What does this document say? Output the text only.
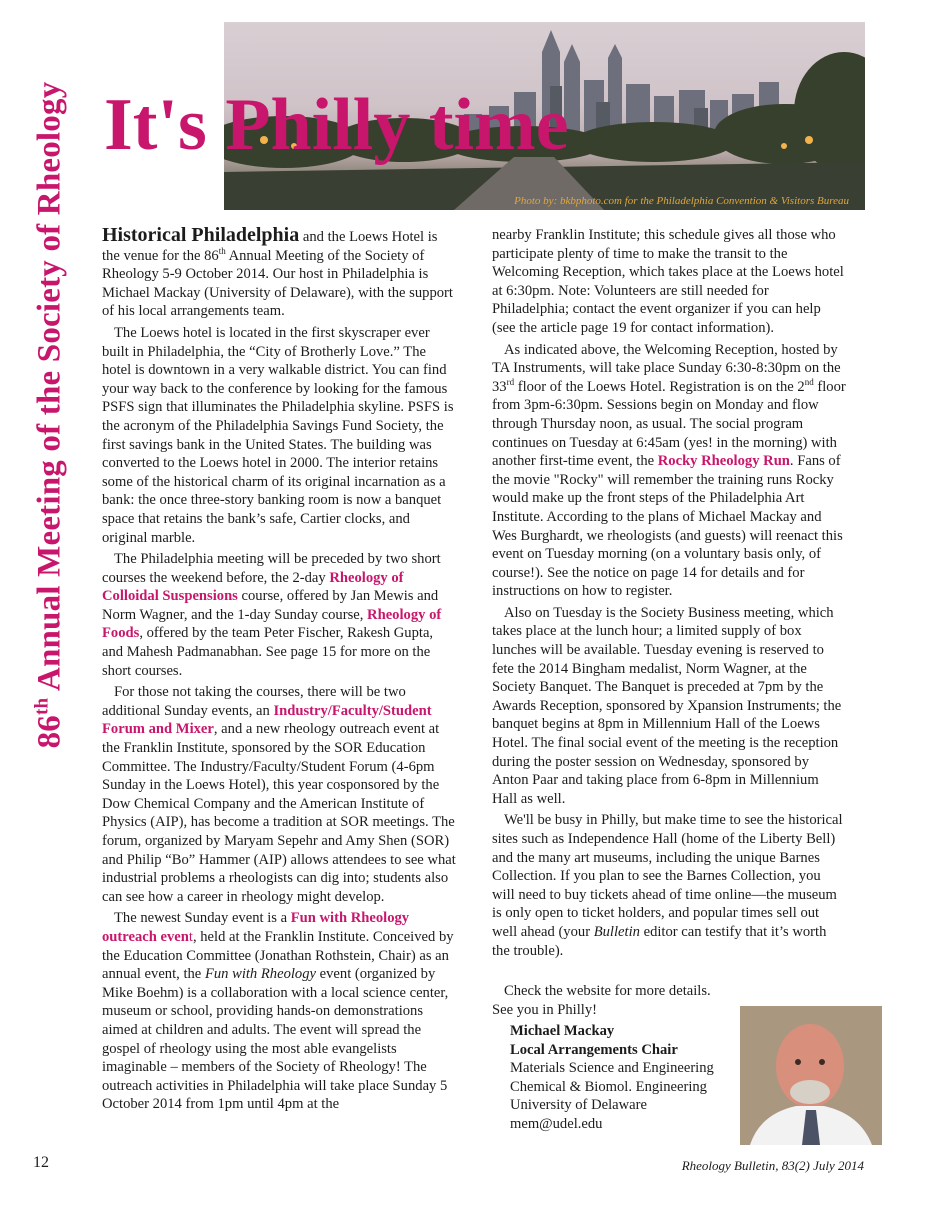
86th Annual Meeting of the Society of Rheology	Photo by: bkbphoto.com for the Philadelphia Convention & Visitors Bureau
It's Philly time

Historical Philadelphia and the Loews Hotel is the venue for the 86th Annual Meeting of the Society of Rheology 5-9 October 2014. Our host in Philadelphia is Michael Mackay (University of Delaware), with the support of his local arrangements team.

The Loews hotel is located in the first skyscraper ever built in Philadelphia, the “City of Brotherly Love.” The hotel is downtown in a very walkable district. You can find your way back to the conference by looking for the famous PSFS sign that illuminates the Philadelphia skyline. PSFS is the acronym of the Philadelphia Savings Fund Society, the first savings bank in the United States. The building was converted to the Loews hotel in 2000. The interior retains some of the historical charm of its original incarnation as a bank: the once three-story banking room is now a banquet space that retains the bank’s safe, Cartier clocks, and original marble.

The Philadelphia meeting will be preceded by two short courses the weekend before, the 2-day Rheology of Colloidal Suspensions course, offered by Jan Mewis and Norm Wagner, and the 1-day Sunday course, Rheology of Foods, offered by the team Peter Fischer, Rakesh Gupta, and Mahesh Padmanabhan. See page 15 for more on the short courses.

For those not taking the courses, there will be two additional Sunday events, an Industry/Faculty/Student Forum and Mixer, and a new rheology outreach event at the Franklin Institute, sponsored by the SOR Education Committee. The Industry/Faculty/Student Forum (4-6pm Sunday in the Loews Hotel), this year cosponsored by the Dow Chemical Company and the American Institute of Physics (AIP), has become a tradition at SOR meetings. The forum, organized by Maryam Sepehr and Amy Shen (SOR) and Philip “Bo” Hammer (AIP) allows attendees to see what industrial problems a rheologists can dig into; students also can see how a career in rheology might develop.

The newest Sunday event is a Fun with Rheology outreach event, held at the Franklin Institute. Conceived by the Education Committee (Jonathan Rothstein, Chair) as an annual event, the Fun with Rheology event (organized by Mike Boehm) is a collaboration with a local science center, museum or school, providing hands-on demonstrations aimed at children and adults. The event will spread the gospel of rheology using the most able evangelists imaginable – members of the Society of Rheology! The outreach activities in Philadelphia will take place Sunday 5 October 2014 from 1pm until 4pm at the

nearby Franklin Institute; this schedule gives all those who participate plenty of time to make the transit to the Welcoming Reception, which takes place at the Loews hotel at 6:30pm. Note: Volunteers are still needed for Philadelphia; contact the event organizer if you can help (see the article page 19 for contact information).

As indicated above, the Welcoming Reception, hosted by TA Instruments, will take place Sunday 6:30-8:30pm on the 33rd floor of the Loews Hotel. Registration is on the 2nd floor from 3pm-6:30pm. Sessions begin on Monday and flow through Thursday noon, as usual. The social program continues on Tuesday at 6:45am (yes! in the morning) with another first-time event, the Rocky Rheology Run. Fans of the movie "Rocky" will remember the training runs Rocky would make up the front steps of the Philadelphia Art Institute. According to the plans of Michael Mackay and Wes Burghardt, we rheologists (and guests) will reenact this event on Tuesday morning (on a voluntary basis only, of course!). See the notice on page 14 for details and for instructions on how to register.

Also on Tuesday is the Society Business meeting, which takes place at the lunch hour; a limited supply of box lunches will be available. Tuesday evening is reserved to fete the 2014 Bingham medalist, Norm Wagner, at the Society Banquet. The Banquet is preceded at 7pm by the Awards Reception, sponsored by Xpansion Instruments; the banquet begins at 8pm in Millennium Hall of the Loews Hotel. The final social event of the meeting is the reception during the poster session on Wednesday, sponsored by Anton Paar and taking place from 6-8pm in Millennium Hall as well.

We'll be busy in Philly, but make time to see the historical sites such as Independence Hall (home of the Liberty Bell) and the many art museums, including the unique Barnes Collection. If you plan to see the Barnes Collection, you will need to buy tickets ahead of time online—the museum is only open to ticket holders, and popular times sell out well ahead (your Bulletin editor can testify that it’s worth the trouble).

Check the website for more details.
See you in Philly!
Michael Mackay
Local Arrangements Chair
Materials Science and Engineering
Chemical & Biomol. Engineering
University of Delaware
mem@udel.edu
12	Rheology Bulletin, 83(2) July 2014
